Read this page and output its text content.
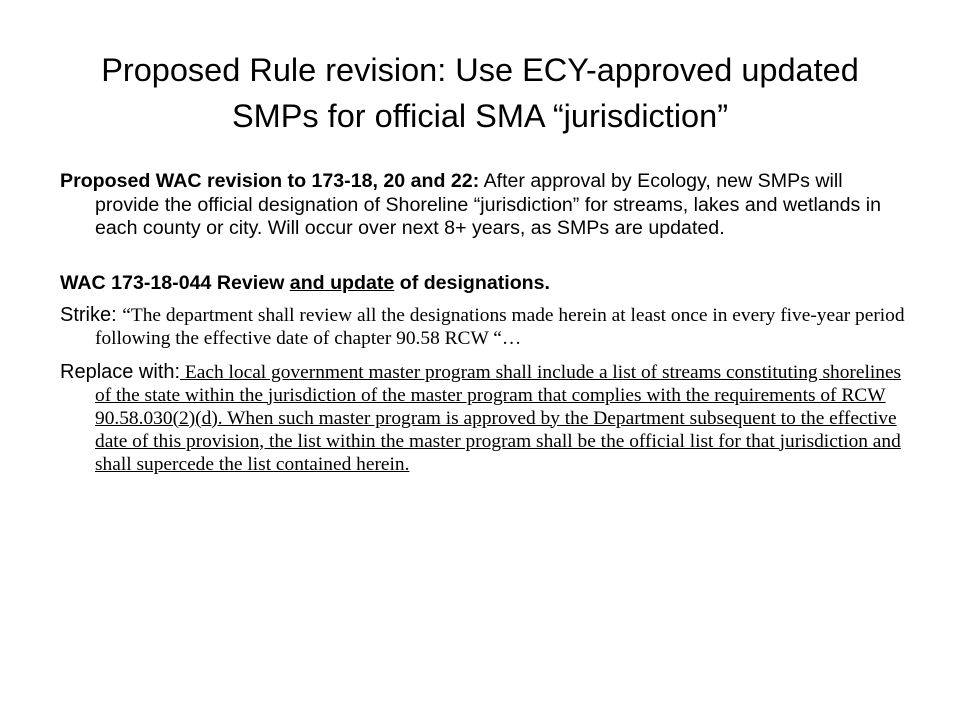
Proposed Rule revision: Use ECY-approved updated SMPs for official SMA “jurisdiction”

Proposed WAC revision to 173-18, 20 and 22: After approval by Ecology, new SMPs will provide the official designation of Shoreline “jurisdiction” for streams, lakes and wetlands in each county or city. Will occur over next 8+ years, as SMPs are updated.

WAC 173-18-044 Review and update of designations.

Strike: “The department shall review all the designations made herein at least once in every five-year period following the effective date of chapter 90.58 RCW “…

Replace with: Each local government master program shall include a list of streams constituting shorelines of the state within the jurisdiction of the master program that complies with the requirements of RCW 90.58.030(2)(d). When such master program is approved by the Department subsequent to the effective date of this provision, the list within the master program shall be the official list for that jurisdiction and shall supercede the list contained herein.
